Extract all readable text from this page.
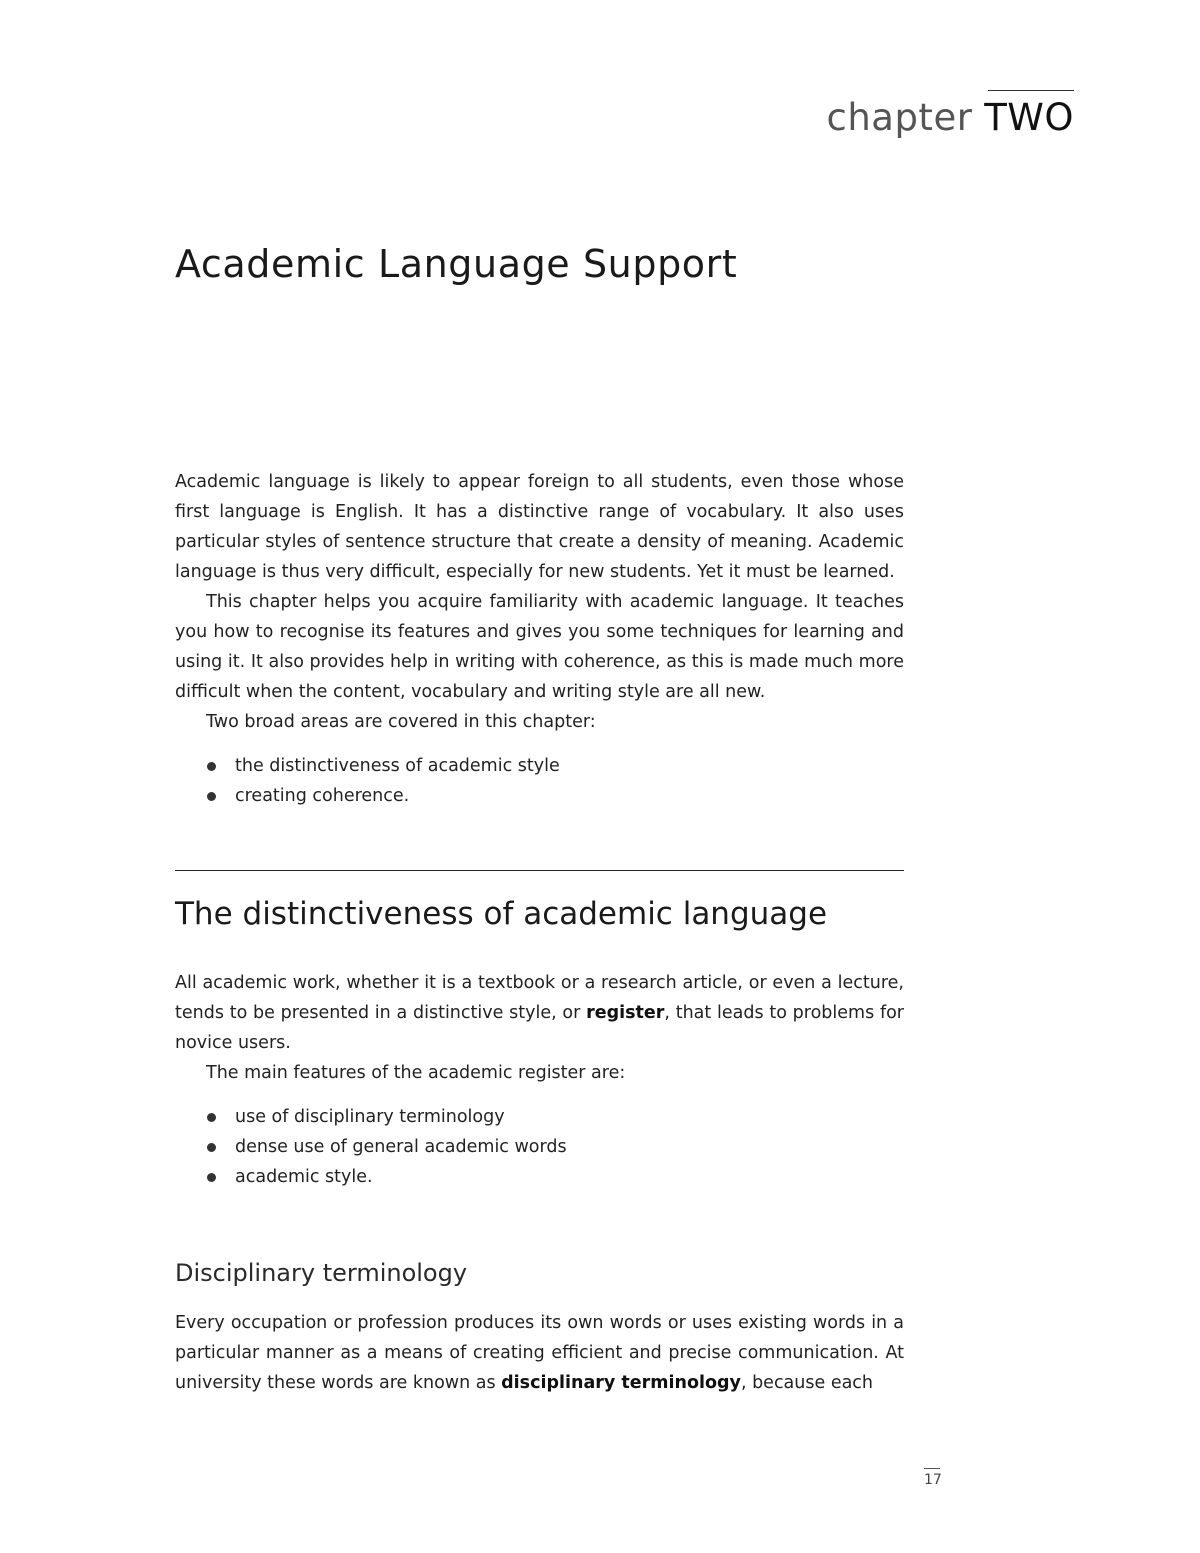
chapter TWO
Academic Language Support

Academic language is likely to appear foreign to all students, even those whose first language is English. It has a distinctive range of vocabulary. It also uses particular styles of sentence structure that create a density of meaning. Academic language is thus very difficult, especially for new students. Yet it must be learned.

This chapter helps you acquire familiarity with academic language. It teaches you how to recognise its features and gives you some techniques for learning and using it. It also provides help in writing with coherence, as this is made much more difficult when the content, vocabulary and writing style are all new.

Two broad areas are covered in this chapter:

the distinctiveness of academic style
creating coherence.
The distinctiveness of academic language

All academic work, whether it is a textbook or a research article, or even a lecture, tends to be presented in a distinctive style, or register, that leads to problems for novice users.

The main features of the academic register are:

use of disciplinary terminology
dense use of general academic words
academic style.
Disciplinary terminology

Every occupation or profession produces its own words or uses existing words in a particular manner as a means of creating efficient and precise communication. At university these words are known as disciplinary terminology, because each

17
